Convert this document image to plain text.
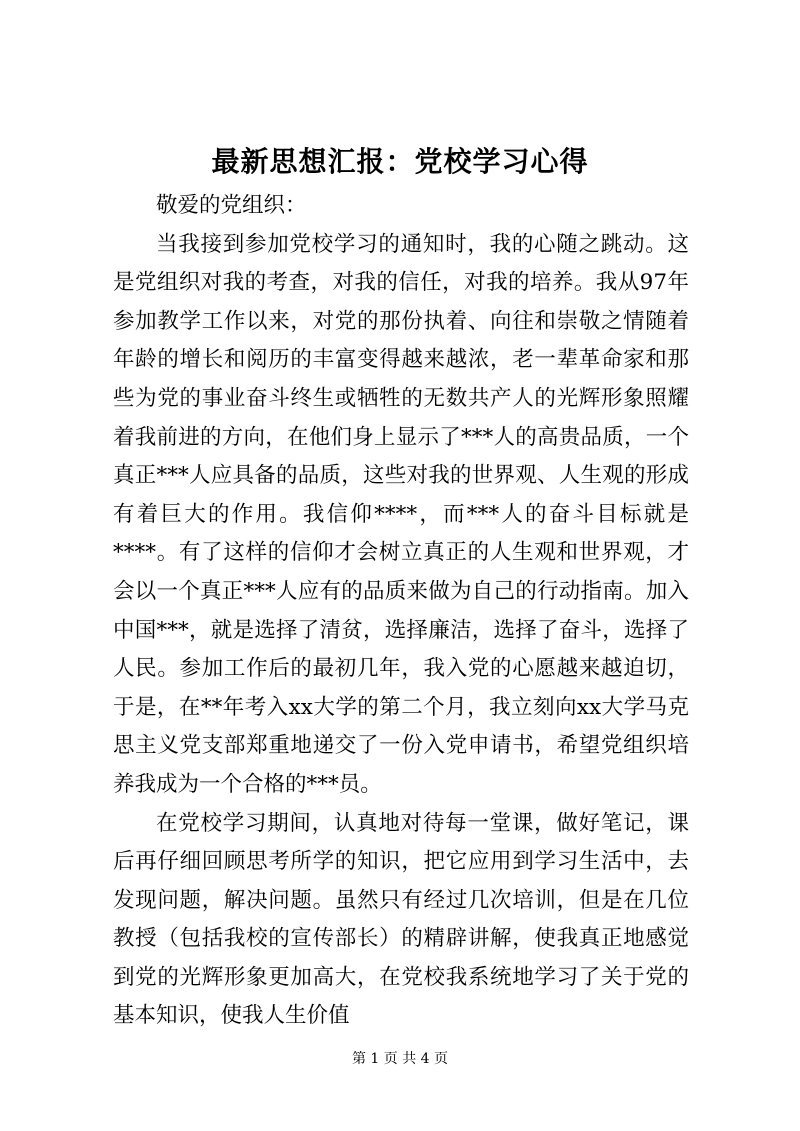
最新思想汇报：党校学习心得

敬爱的党组织：

当我接到参加党校学习的通知时，我的心随之跳动。这是党组织对我的考查，对我的信任，对我的培养。我从97年参加教学工作以来，对党的那份执着、向往和崇敬之情随着年龄的增长和阅历的丰富变得越来越浓，老一辈革命家和那些为党的事业奋斗终生或牺牲的无数共产人的光辉形象照耀着我前进的方向，在他们身上显示了***人的高贵品质，一个真正***人应具备的品质，这些对我的世界观、人生观的形成有着巨大的作用。我信仰****，而***人的奋斗目标就是****。有了这样的信仰才会树立真正的人生观和世界观，才会以一个真正***人应有的品质来做为自己的行动指南。加入中国***，就是选择了清贫，选择廉洁，选择了奋斗，选择了人民。参加工作后的最初几年，我入党的心愿越来越迫切，于是，在**年考入xx大学的第二个月，我立刻向xx大学马克思主义党支部郑重地递交了一份入党申请书，希望党组织培养我成为一个合格的***员。

在党校学习期间，认真地对待每一堂课，做好笔记，课后再仔细回顾思考所学的知识，把它应用到学习生活中，去发现问题，解决问题。虽然只有经过几次培训，但是在几位教授（包括我校的宣传部长）的精辟讲解，使我真正地感觉到党的光辉形象更加高大，在党校我系统地学习了关于党的基本知识，使我人生价值

第 1 页 共 4 页
